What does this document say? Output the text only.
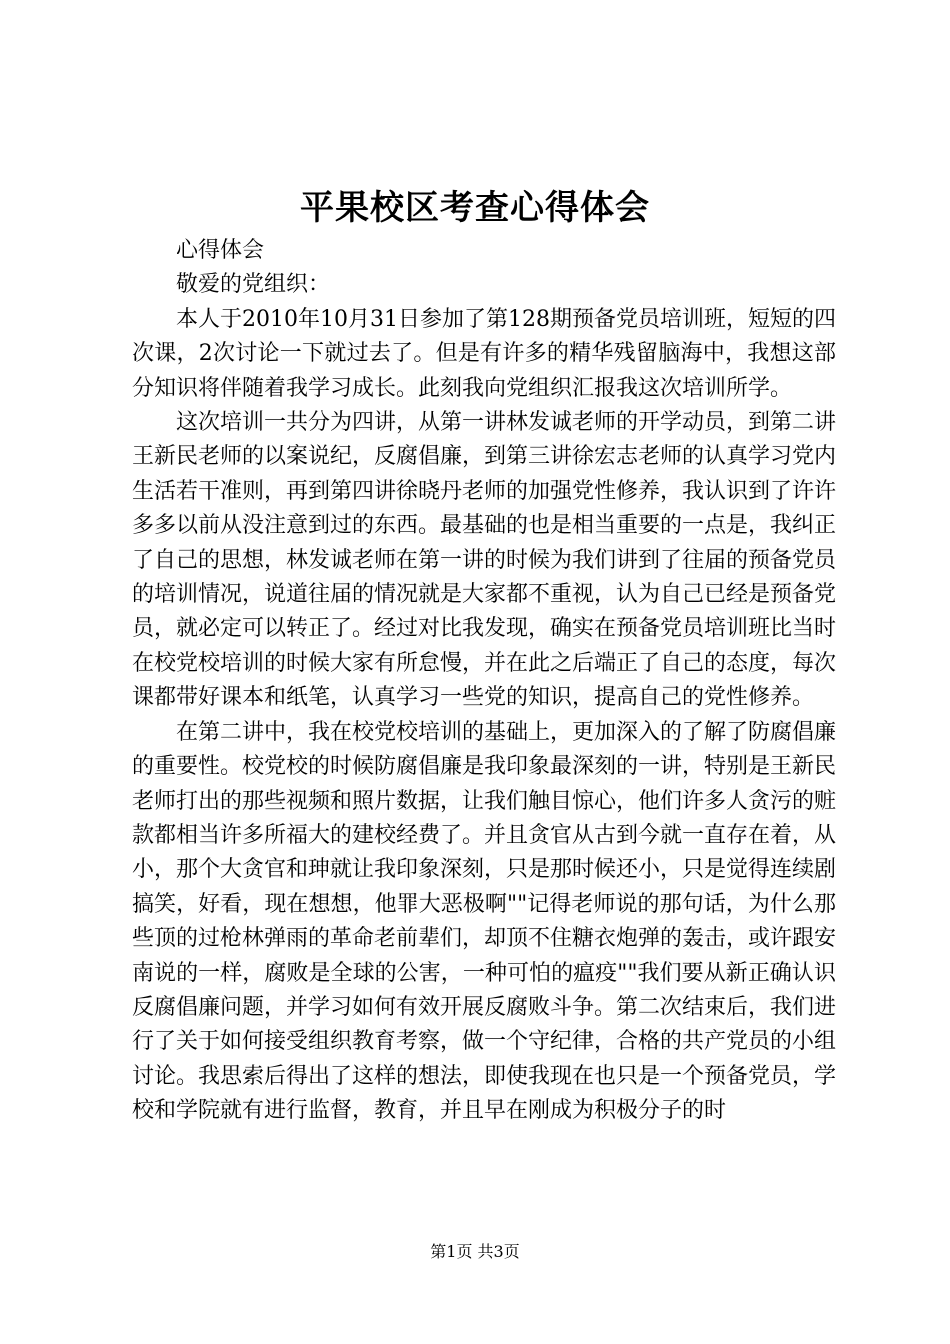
平果校区考查心得体会

心得体会

敬爱的党组织：

本人于2010年10月31日参加了第128期预备党员培训班，短短的四次课，2次讨论一下就过去了。但是有许多的精华残留脑海中，我想这部分知识将伴随着我学习成长。此刻我向党组织汇报我这次培训所学。

这次培训一共分为四讲，从第一讲林发诚老师的开学动员，到第二讲王新民老师的以案说纪，反腐倡廉，到第三讲徐宏志老师的认真学习党内生活若干准则，再到第四讲徐晓丹老师的加强党性修养，我认识到了许许多多以前从没注意到过的东西。最基础的也是相当重要的一点是，我纠正了自己的思想，林发诚老师在第一讲的时候为我们讲到了往届的预备党员的培训情况，说道往届的情况就是大家都不重视，认为自己已经是预备党员，就必定可以转正了。经过对比我发现，确实在预备党员培训班比当时在校党校培训的时候大家有所怠慢，并在此之后端正了自己的态度，每次课都带好课本和纸笔，认真学习一些党的知识，提高自己的党性修养。

在第二讲中，我在校党校培训的基础上，更加深入的了解了防腐倡廉的重要性。校党校的时候防腐倡廉是我印象最深刻的一讲，特别是王新民老师打出的那些视频和照片数据，让我们触目惊心，他们许多人贪污的赃款都相当许多所福大的建校经费了。并且贪官从古到今就一直存在着，从小，那个大贪官和珅就让我印象深刻，只是那时候还小，只是觉得连续剧搞笑，好看，现在想想，他罪大恶极啊""记得老师说的那句话，为什么那些顶的过枪林弹雨的革命老前辈们，却顶不住糖衣炮弹的轰击，或许跟安南说的一样，腐败是全球的公害，一种可怕的瘟疫""我们要从新正确认识反腐倡廉问题，并学习如何有效开展反腐败斗争。第二次结束后，我们进行了关于如何接受组织教育考察，做一个守纪律，合格的共产党员的小组讨论。我思索后得出了这样的想法，即使我现在也只是一个预备党员，学校和学院就有进行监督，教育，并且早在刚成为积极分子的时

第1页 共3页
